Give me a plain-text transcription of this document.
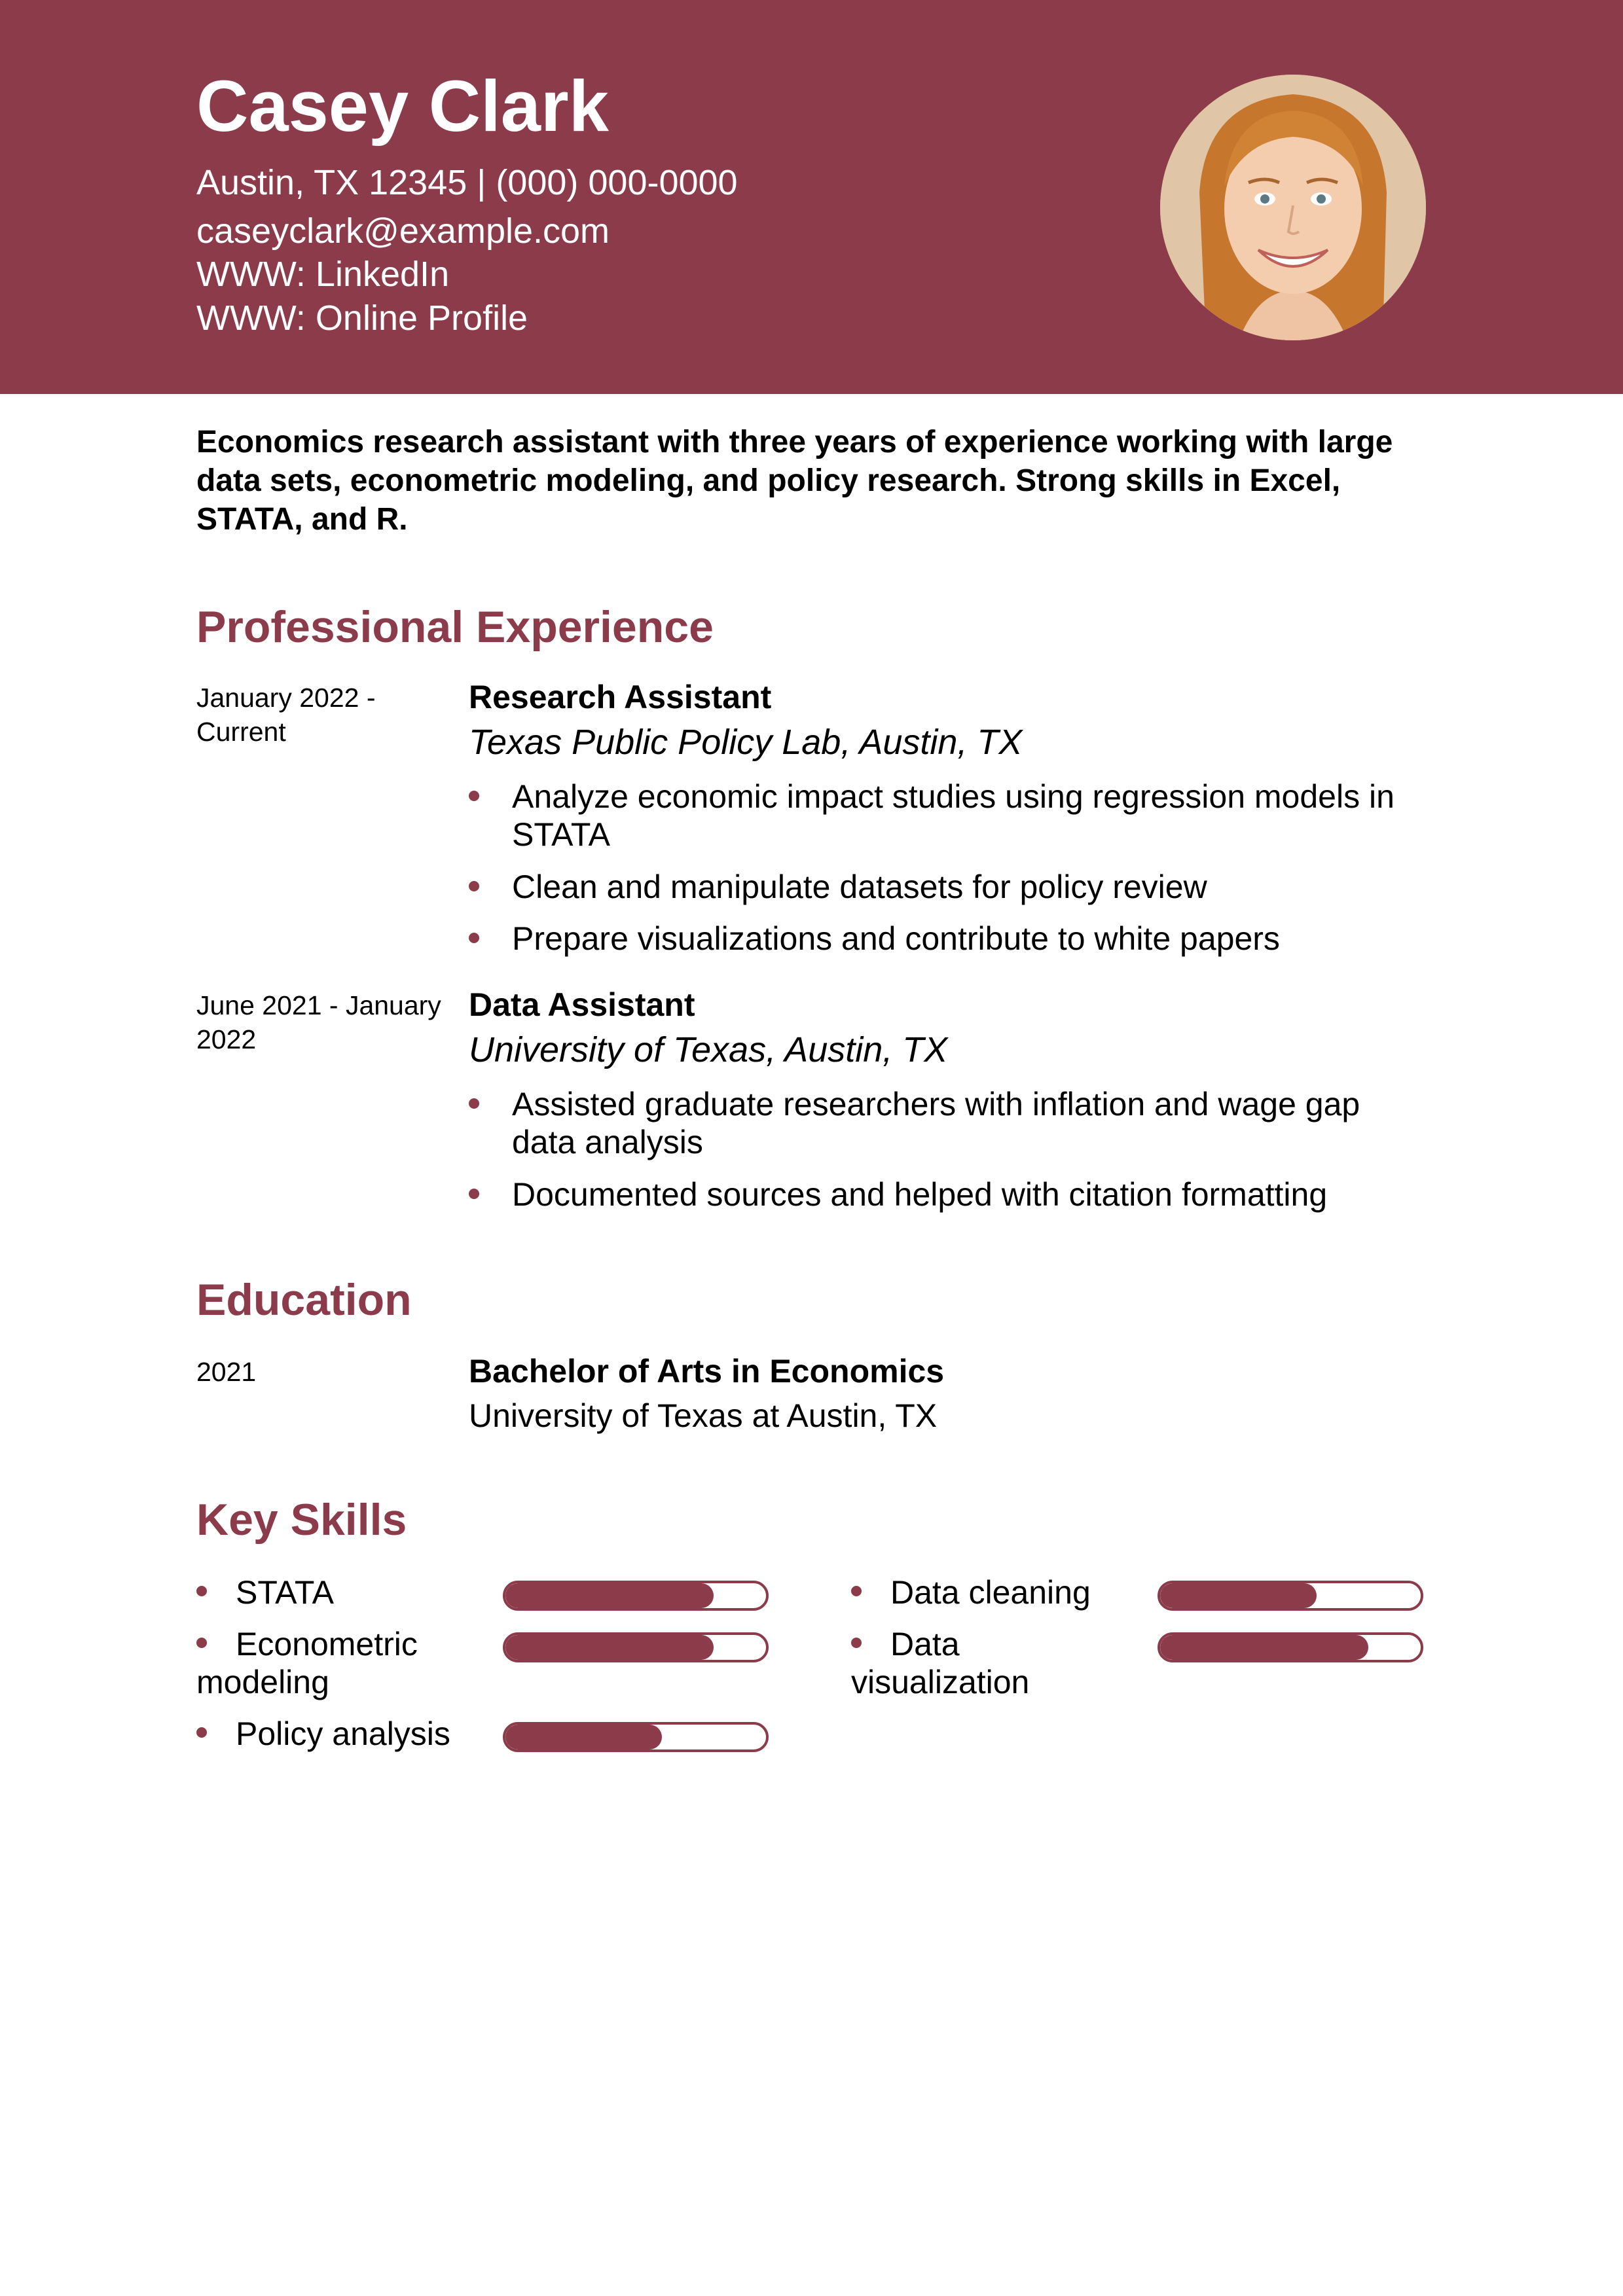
Casey Clark
Austin, TX 12345 | (000) 000-0000
caseyclark@example.com
WWW: LinkedIn
WWW: Online Profile
Economics research assistant with three years of experience working with large data sets, econometric modeling, and policy research. Strong skills in Excel, STATA, and R.
Professional Experience
January 2022 - Current
Research Assistant
Texas Public Policy Lab, Austin, TX
Analyze economic impact studies using regression models in STATA
Clean and manipulate datasets for policy review
Prepare visualizations and contribute to white papers
June 2021 - January 2022
Data Assistant
University of Texas, Austin, TX
Assisted graduate researchers with inflation and wage gap data analysis
Documented sources and helped with citation formatting
Education
2021	Bachelor of Arts in Economics
University of Texas at Austin, TX
Key Skills
STATA
Econometric modeling
Policy analysis
Data cleaning
Data visualization
